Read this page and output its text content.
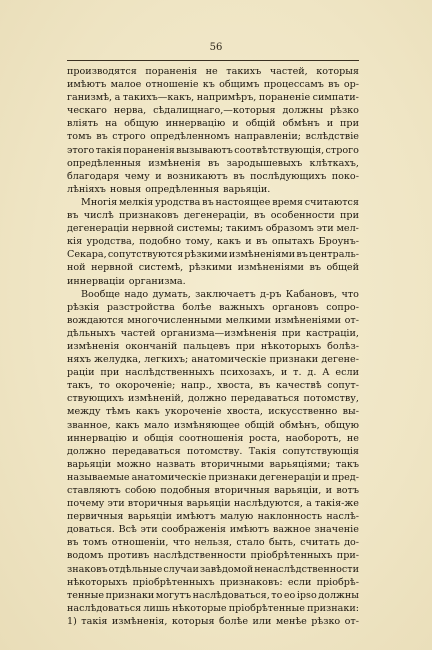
56
производятся пораненія не такихъ частей, которыя
имѣютъ малое отношеніе къ общимъ процессамъ въ ор-
ганизмѣ, а такихъ—какъ, напримѣръ, пораненіе симпати-
ческаго нерва, сѣдалищнаго,—которыя должны рѣзко
вліять на общую иннервацію и общій обмѣнъ и при
томъ въ строго опредѣленномъ направленіи; вслѣдствіе
этого такія пораненія вызываютъ соотвѣтствующія, строго
опредѣленныя измѣненія въ зародышевыхъ клѣткахъ,
благодаря чему и возникаютъ въ послѣдующихъ поко-
лѣніяхъ новыя опредѣленныя варьяціи.
Многія мелкія уродства въ настоящее время считаются
въ числѣ признаковъ дегенераціи, въ особенности при
дегенераціи нервной системы; такимъ образомъ эти мел-
кія уродства, подобно тому, какъ и въ опытахъ Броунъ-
Секара, сопутствуются рѣзкими измѣненіями въ централь-
ной нервной системѣ, рѣзкими измѣненіями въ общей
иннерваціи организма.
Вообще надо думать, заключаетъ д-ръ Кабановъ, что
рѣзкія разстройства болѣе важныхъ органовъ сопро-
вождаются многочисленными мелкими измѣненіями от-
дѣльныхъ частей организма—измѣненія при кастраціи,
измѣненія окончаній пальцевъ при нѣкоторыхъ болѣз-
няхъ желудка, легкихъ; анатомическіе признаки дегене-
раціи при наслѣдственныхъ психозахъ, и т. д. А если
такъ, то окороченіе; напр., хвоста, въ качествѣ сопут-
ствующихъ измѣненій, должно передаваться потомству,
между тѣмъ какъ укороченіе хвоста, искусственно вы-
званное, какъ мало измѣняющее общій обмѣнъ, общую
иннервацію и общія соотношенія роста, наоборотъ, не
должно передаваться потомству. Такія сопутствующія
варьяціи можно назвать вторичными варьяціями; такъ
называемые анатомическіе признаки дегенераціи и пред-
ставляютъ собою подобныя вторичныя варьяціи, и вотъ
почему эти вторичныя варьяціи наслѣдуются, а такія-же
первичныя варьяціи имѣютъ малую наклонность наслѣ-
доваться. Всѣ эти соображенія имѣютъ важное значеніе
въ томъ отношеніи, что нельзя, стало быть, считать до-
водомъ противъ наслѣдственности пріобрѣтенныхъ при-
знаковъ отдѣльные случаи завѣдомой ненаслѣдственности
нѣкоторыхъ пріобрѣтенныхъ признаковъ: если пріобрѣ-
тенные признаки могутъ наслѣдоваться, то eo ipso должны
наслѣдоваться лишь нѣкоторые пріобрѣтенные признаки:
1) такія измѣненія, которыя болѣе или менѣе рѣзко от-
